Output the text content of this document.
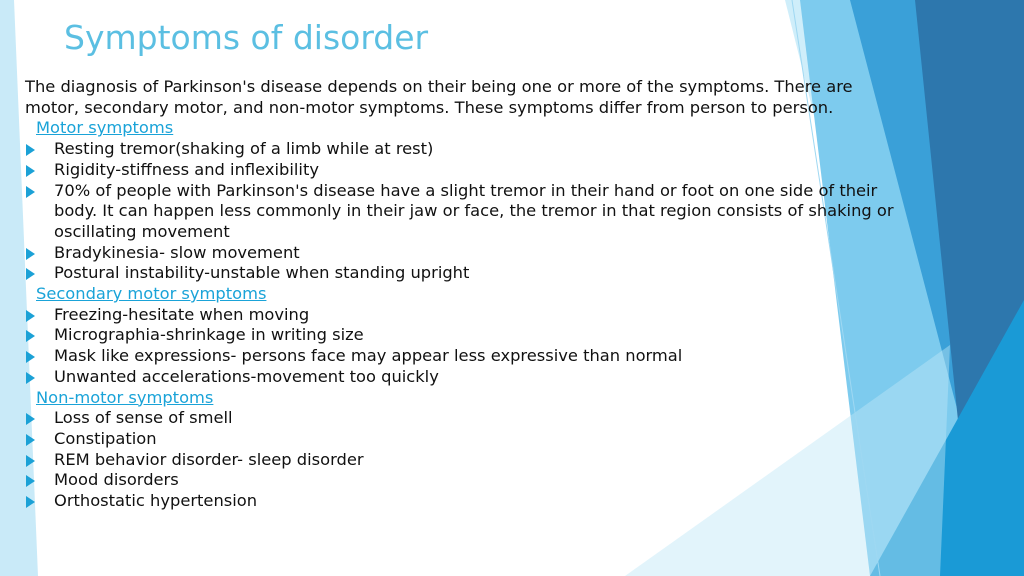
Symptoms of disorder

The diagnosis of Parkinson's disease depends on their being one or more of the symptoms. There are motor, secondary motor, and non-motor symptoms. These symptoms differ from person to person.

Motor symptoms
Resting tremor(shaking of a limb while at rest)
Rigidity-stiffness and inflexibility
70% of people with Parkinson's disease have a slight tremor in their hand or foot on one side of their body. It can happen less commonly in their jaw or face, the tremor in that region consists of shaking or oscillating movement
Bradykinesia- slow movement
Postural instability-unstable when standing upright
Secondary motor symptoms
Freezing-hesitate when moving
Micrographia-shrinkage in writing size
Mask like expressions- persons face may appear less expressive than normal
Unwanted accelerations-movement too quickly
Non-motor symptoms
Loss of sense of smell
Constipation
REM behavior disorder- sleep disorder
Mood disorders
Orthostatic hypertension
